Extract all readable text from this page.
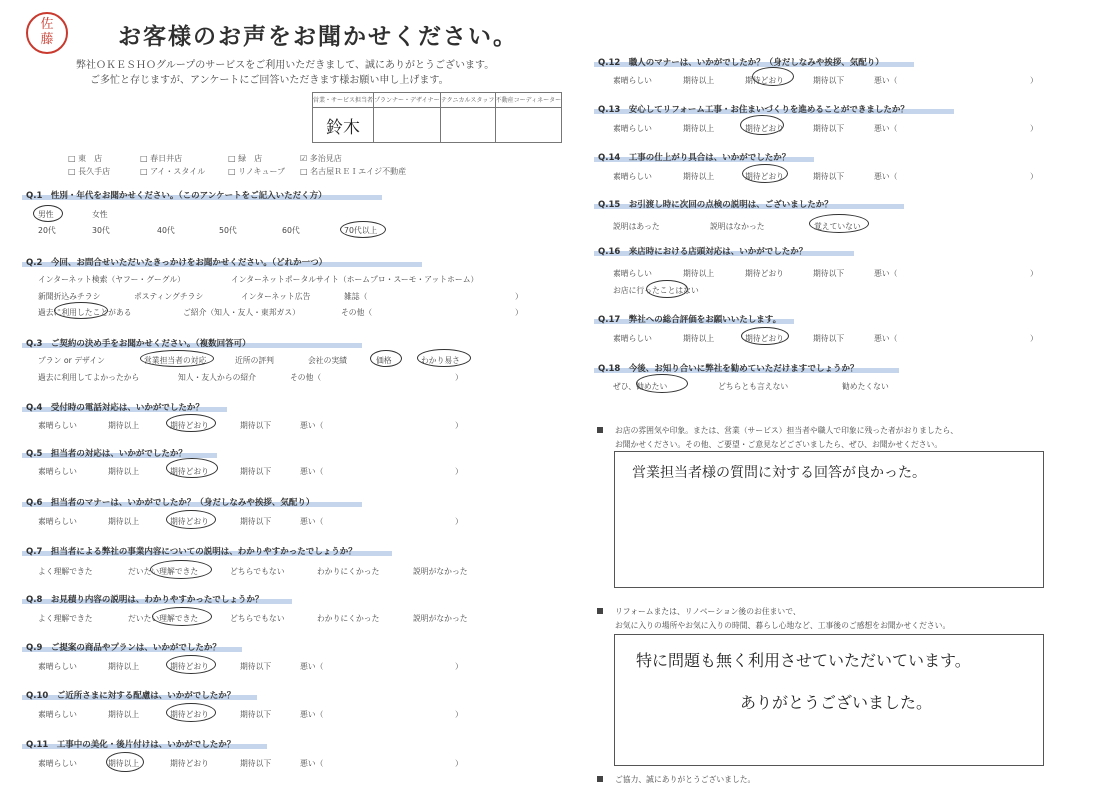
佐
藤	お客様のお声をお聞かせください。
弊社ＯＫＥＳＨＯグループのサービスをご利用いただきまして、誠にありがとうございます。
ご多忙と存じますが、アンケートにご回答いただきます様お願い申し上げます。
営業・サービス担当者	プランナー・デザイナー	テクニカルスタッフ	不動産コーディネーター
鈴木			
□ 東　店	□ 春日井店	□ 緑　店	☑ 多治見店
□ 長久手店	□ アイ・スタイル	□ リノキューブ □ 名古屋ＲＥＩエイジ不動産
Q.1　性別・年代をお聞かせください。（このアンケートをご記入いただく方）
男性	女性
20代	30代	40代	50代	60代	70代以上
Q.2　今回、お問合せいただいたきっかけをお聞かせください。（どれか一つ）
インターネット検索（ヤフー・グーグル）	インターネットポータルサイト（ホームプロ・スーモ・アットホーム）
新聞折込みチラシ	ポスティングチラシ	インターネット広告	雑誌（	）
過去に利用したことがある	ご紹介（知人・友人・東邦ガス）	その他（	）
Q.3　ご契約の決め手をお聞かせください。（複数回答可）
プラン or デザイン	営業担当者の対応	近所の評判	会社の実績	価格	わかり易さ
過去に利用してよかったから	知人・友人からの紹介	その他（	）
Q.4　受付時の電話対応は、いかがでしたか？
素晴らしい	期待以上	期待どおり	期待以下	悪い（	）
Q.5　担当者の対応は、いかがでしたか？
素晴らしい	期待以上	期待どおり	期待以下	悪い（	）
Q.6　担当者のマナーは、いかがでしたか？（身だしなみや挨拶、気配り）
素晴らしい	期待以上	期待どおり	期待以下	悪い（	）
Q.7　担当者による弊社の事業内容についての説明は、わかりやすかったでしょうか？
よく理解できた	だいたい理解できた	どちらでもない	わかりにくかった	説明がなかった
Q.8　お見積り内容の説明は、わかりやすかったでしょうか？
よく理解できた	だいたい理解できた	どちらでもない	わかりにくかった	説明がなかった
Q.9　ご提案の商品やプランは、いかがでしたか？
素晴らしい	期待以上	期待どおり	期待以下	悪い（	）
Q.10　ご近所さまに対する配慮は、いかがでしたか？
素晴らしい	期待以上	期待どおり	期待以下	悪い（	）
Q.11　工事中の美化・後片付けは、いかがでしたか？
素晴らしい	期待以上	期待どおり	期待以下	悪い（	）
Q.12　職人のマナーは、いかがでしたか？（身だしなみや挨拶、気配り）
素晴らしい	期待以上	期待どおり	期待以下	悪い（	）
Q.13　安心してリフォーム工事・お住まいづくりを進めることができましたか？
素晴らしい	期待以上	期待どおり	期待以下	悪い（	）
Q.14　工事の仕上がり具合は、いかがでしたか？
素晴らしい	期待以上	期待どおり	期待以下	悪い（	）
Q.15　お引渡し時に次回の点検の説明は、ございましたか？
説明はあった	説明はなかった	覚えていない
Q.16　来店時における店頭対応は、いかがでしたか？
素晴らしい	期待以上	期待どおり	期待以下	悪い（	）
お店に行ったことはない
Q.17　弊社への総合評価をお願いいたします。
素晴らしい	期待以上	期待どおり	期待以下	悪い（	）
Q.18　今後、お知り合いに弊社を勧めていただけますでしょうか？
ぜひ、勧めたい	どちらとも言えない	勧めたくない
お店の雰囲気や印象。または、営業（サービス）担当者や職人で印象に残った者がおりましたら、
お聞かせください。その他、ご要望・ご意見などございましたら、ぜひ、お聞かせください。
営業担当者様の質問に対する回答が良かった。
リフォームまたは、リノベーション後のお住まいで、
お気に入りの場所やお気に入りの時間、暮らし心地など、工事後のご感想をお聞かせください。
特に問題も無く利用させていただいています。
ありがとうございました。
ご協力、誠にありがとうございました。
